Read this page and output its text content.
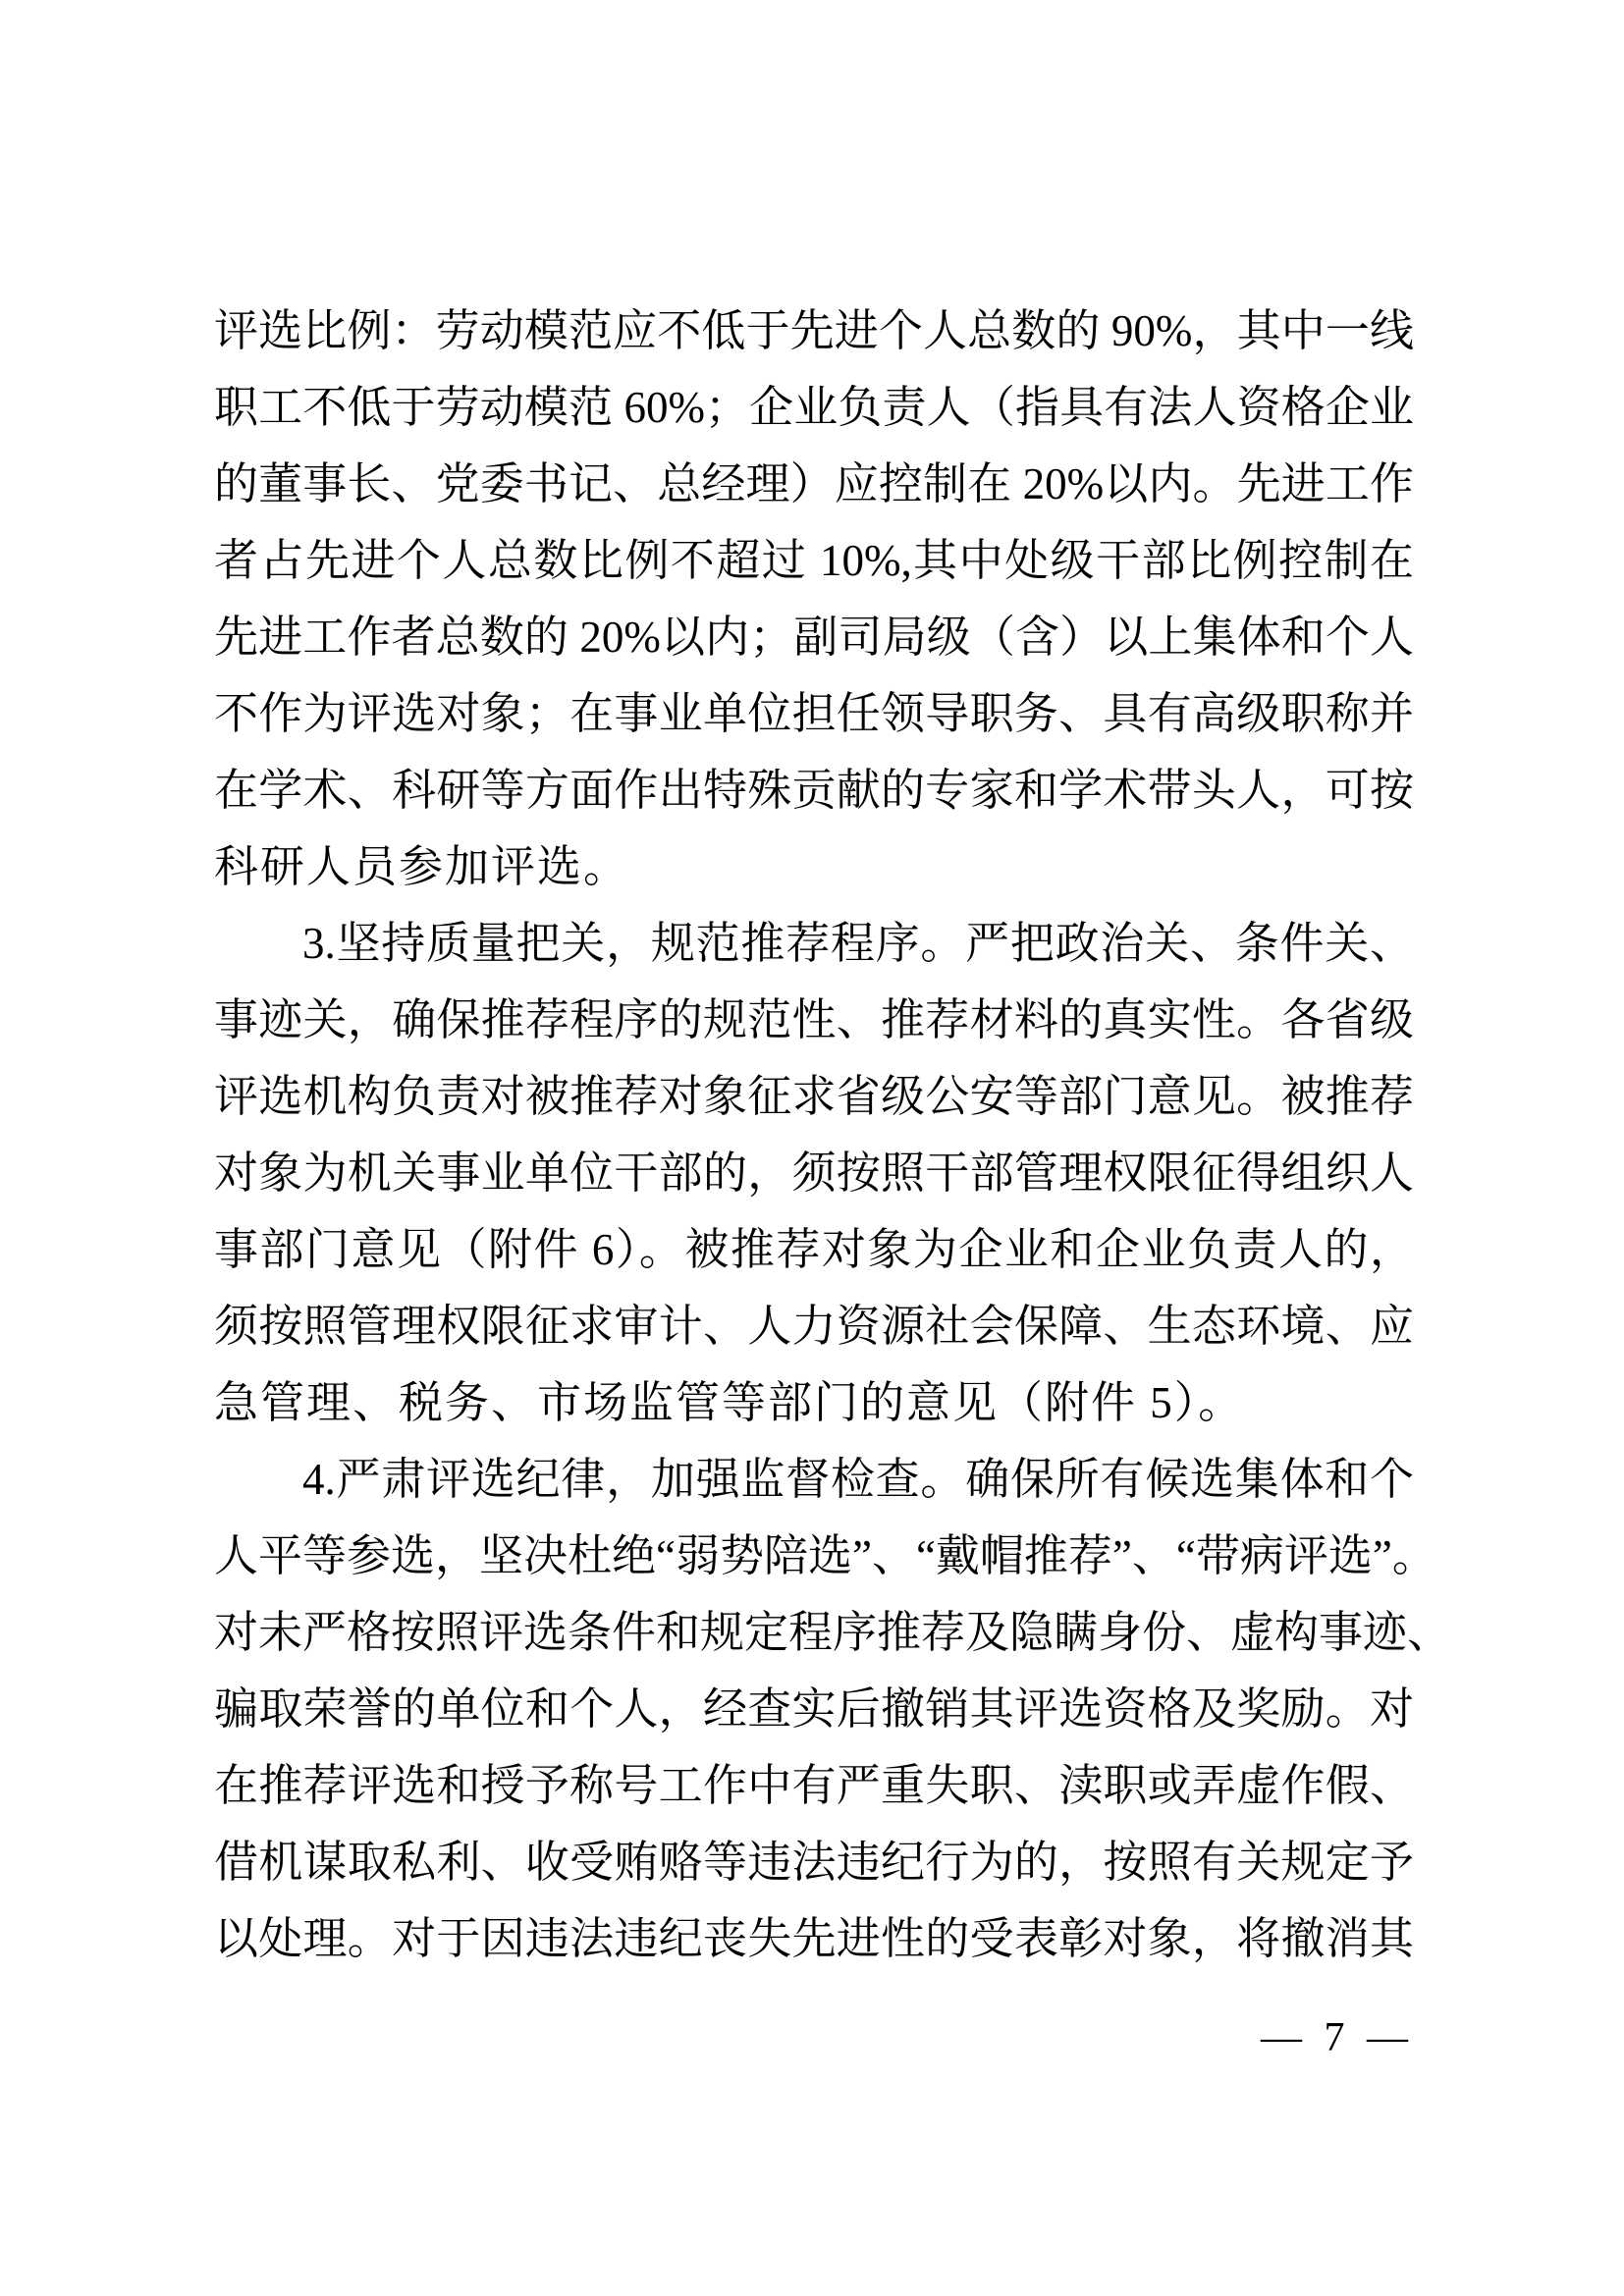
评选比例：劳动模范应不低于先进个人总数的 90%，其中一线
职工不低于劳动模范 60%；企业负责人（指具有法人资格企业
的董事长、党委书记、总经理）应控制在 20%以内。先进工作
者占先进个人总数比例不超过 10%,其中处级干部比例控制在
先进工作者总数的 20%以内；副司局级（含）以上集体和个人
不作为评选对象；在事业单位担任领导职务、具有高级职称并
在学术、科研等方面作出特殊贡献的专家和学术带头人，可按
科研人员参加评选。
3.坚持质量把关，规范推荐程序。严把政治关、条件关、
事迹关，确保推荐程序的规范性、推荐材料的真实性。各省级
评选机构负责对被推荐对象征求省级公安等部门意见。被推荐
对象为机关事业单位干部的，须按照干部管理权限征得组织人
事部门意见（附件 6）。被推荐对象为企业和企业负责人的，
须按照管理权限征求审计、人力资源社会保障、生态环境、应
急管理、税务、市场监管等部门的意见（附件 5）。
4.严肃评选纪律，加强监督检查。确保所有候选集体和个
人平等参选，坚决杜绝“弱势陪选”、“戴帽推荐”、“带病评选”。
对未严格按照评选条件和规定程序推荐及隐瞒身份、虚构事迹、
骗取荣誉的单位和个人，经查实后撤销其评选资格及奖励。对
在推荐评选和授予称号工作中有严重失职、渎职或弄虚作假、
借机谋取私利、收受贿赂等违法违纪行为的，按照有关规定予
以处理。对于因违法违纪丧失先进性的受表彰对象，将撤消其
— 7 —
